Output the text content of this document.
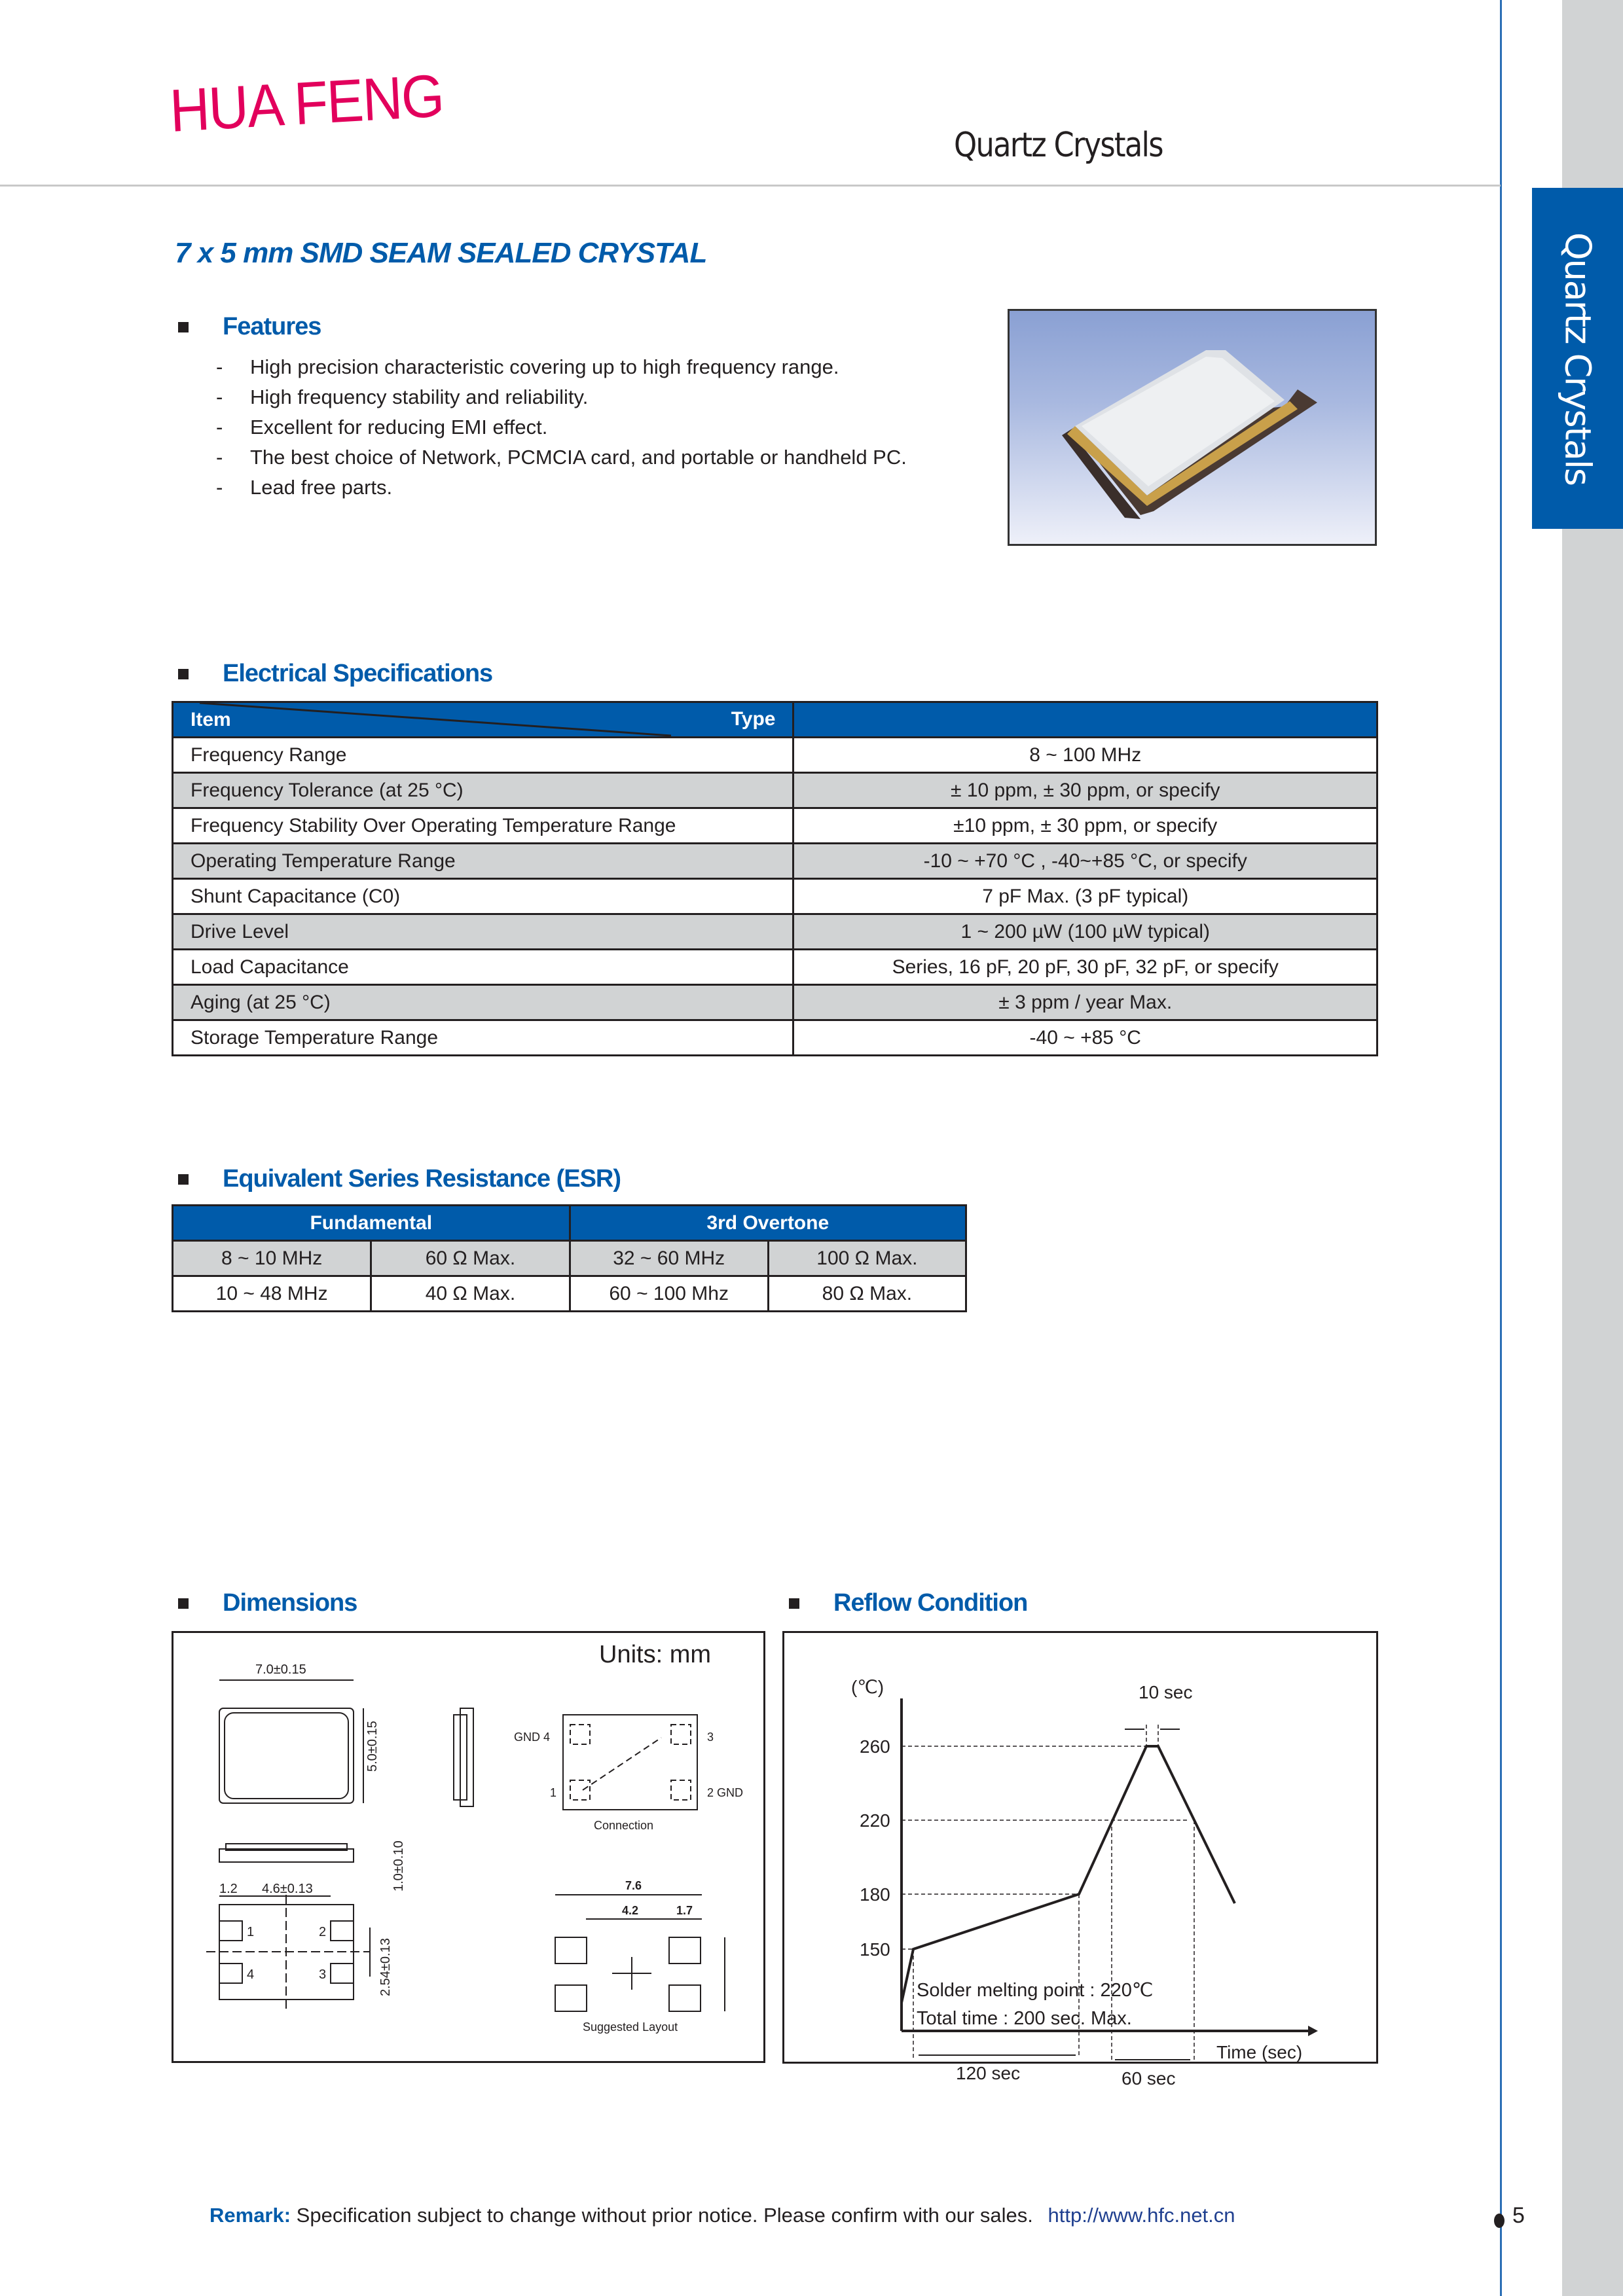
Quartz Crystals
HUA FENG
Quartz Crystals
7 x 5 mm SMD SEAM SEALED CRYSTAL
Features
-	High precision characteristic covering up to high frequency range.
-	High frequency stability and reliability.
-	Excellent for reducing EMI effect.
-	The best choice of Network, PCMCIA card, and portable or handheld PC.
-	Lead free parts.
Electrical Specifications
Item Type	

Frequency Range	8 ~ 100 MHz
Frequency Tolerance (at 25 °C)	± 10 ppm, ± 30 ppm, or specify
Frequency Stability Over Operating Temperature Range	±10 ppm, ± 30 ppm, or specify
Operating Temperature Range	-10 ~ +70 °C , -40~+85 °C, or specify
Shunt Capacitance (C0)	7 pF Max. (3 pF typical)
Drive Level	1 ~ 200 µW (100 µW typical)
Load Capacitance	Series, 16 pF, 20 pF, 30 pF, 32 pF, or specify
Aging (at 25 °C)	± 3 ppm / year Max.
Storage Temperature Range	-40 ~ +85 °C
Equivalent Series Resistance (ESR)
Fundamental		3rd Overtone	
8 ~ 10 MHz	60 Ω Max.	32 ~ 60 MHz	100 Ω Max.
10 ~ 48 MHz	40 Ω Max.	60 ~ 100 Mhz	80 Ω Max.
Dimensions
Units: mm
7.0±0.15
5.0±0.15
1.0±0.10
1.2 4.6±0.13
2.54±0.13
1	2
3
4
GND 4
1
3
2 GND
Connection
7.6
4.2	1.7
Suggested Layout
Reflow Condition
(℃)
260
220
180
150
10 sec
Time (sec)
120 sec	60 sec
Solder melting point : 220℃
Total time : 200 sec. Max.
Remark: Specification subject to change without prior notice. Please confirm with our sales. http://www.hfc.net.cn	5
